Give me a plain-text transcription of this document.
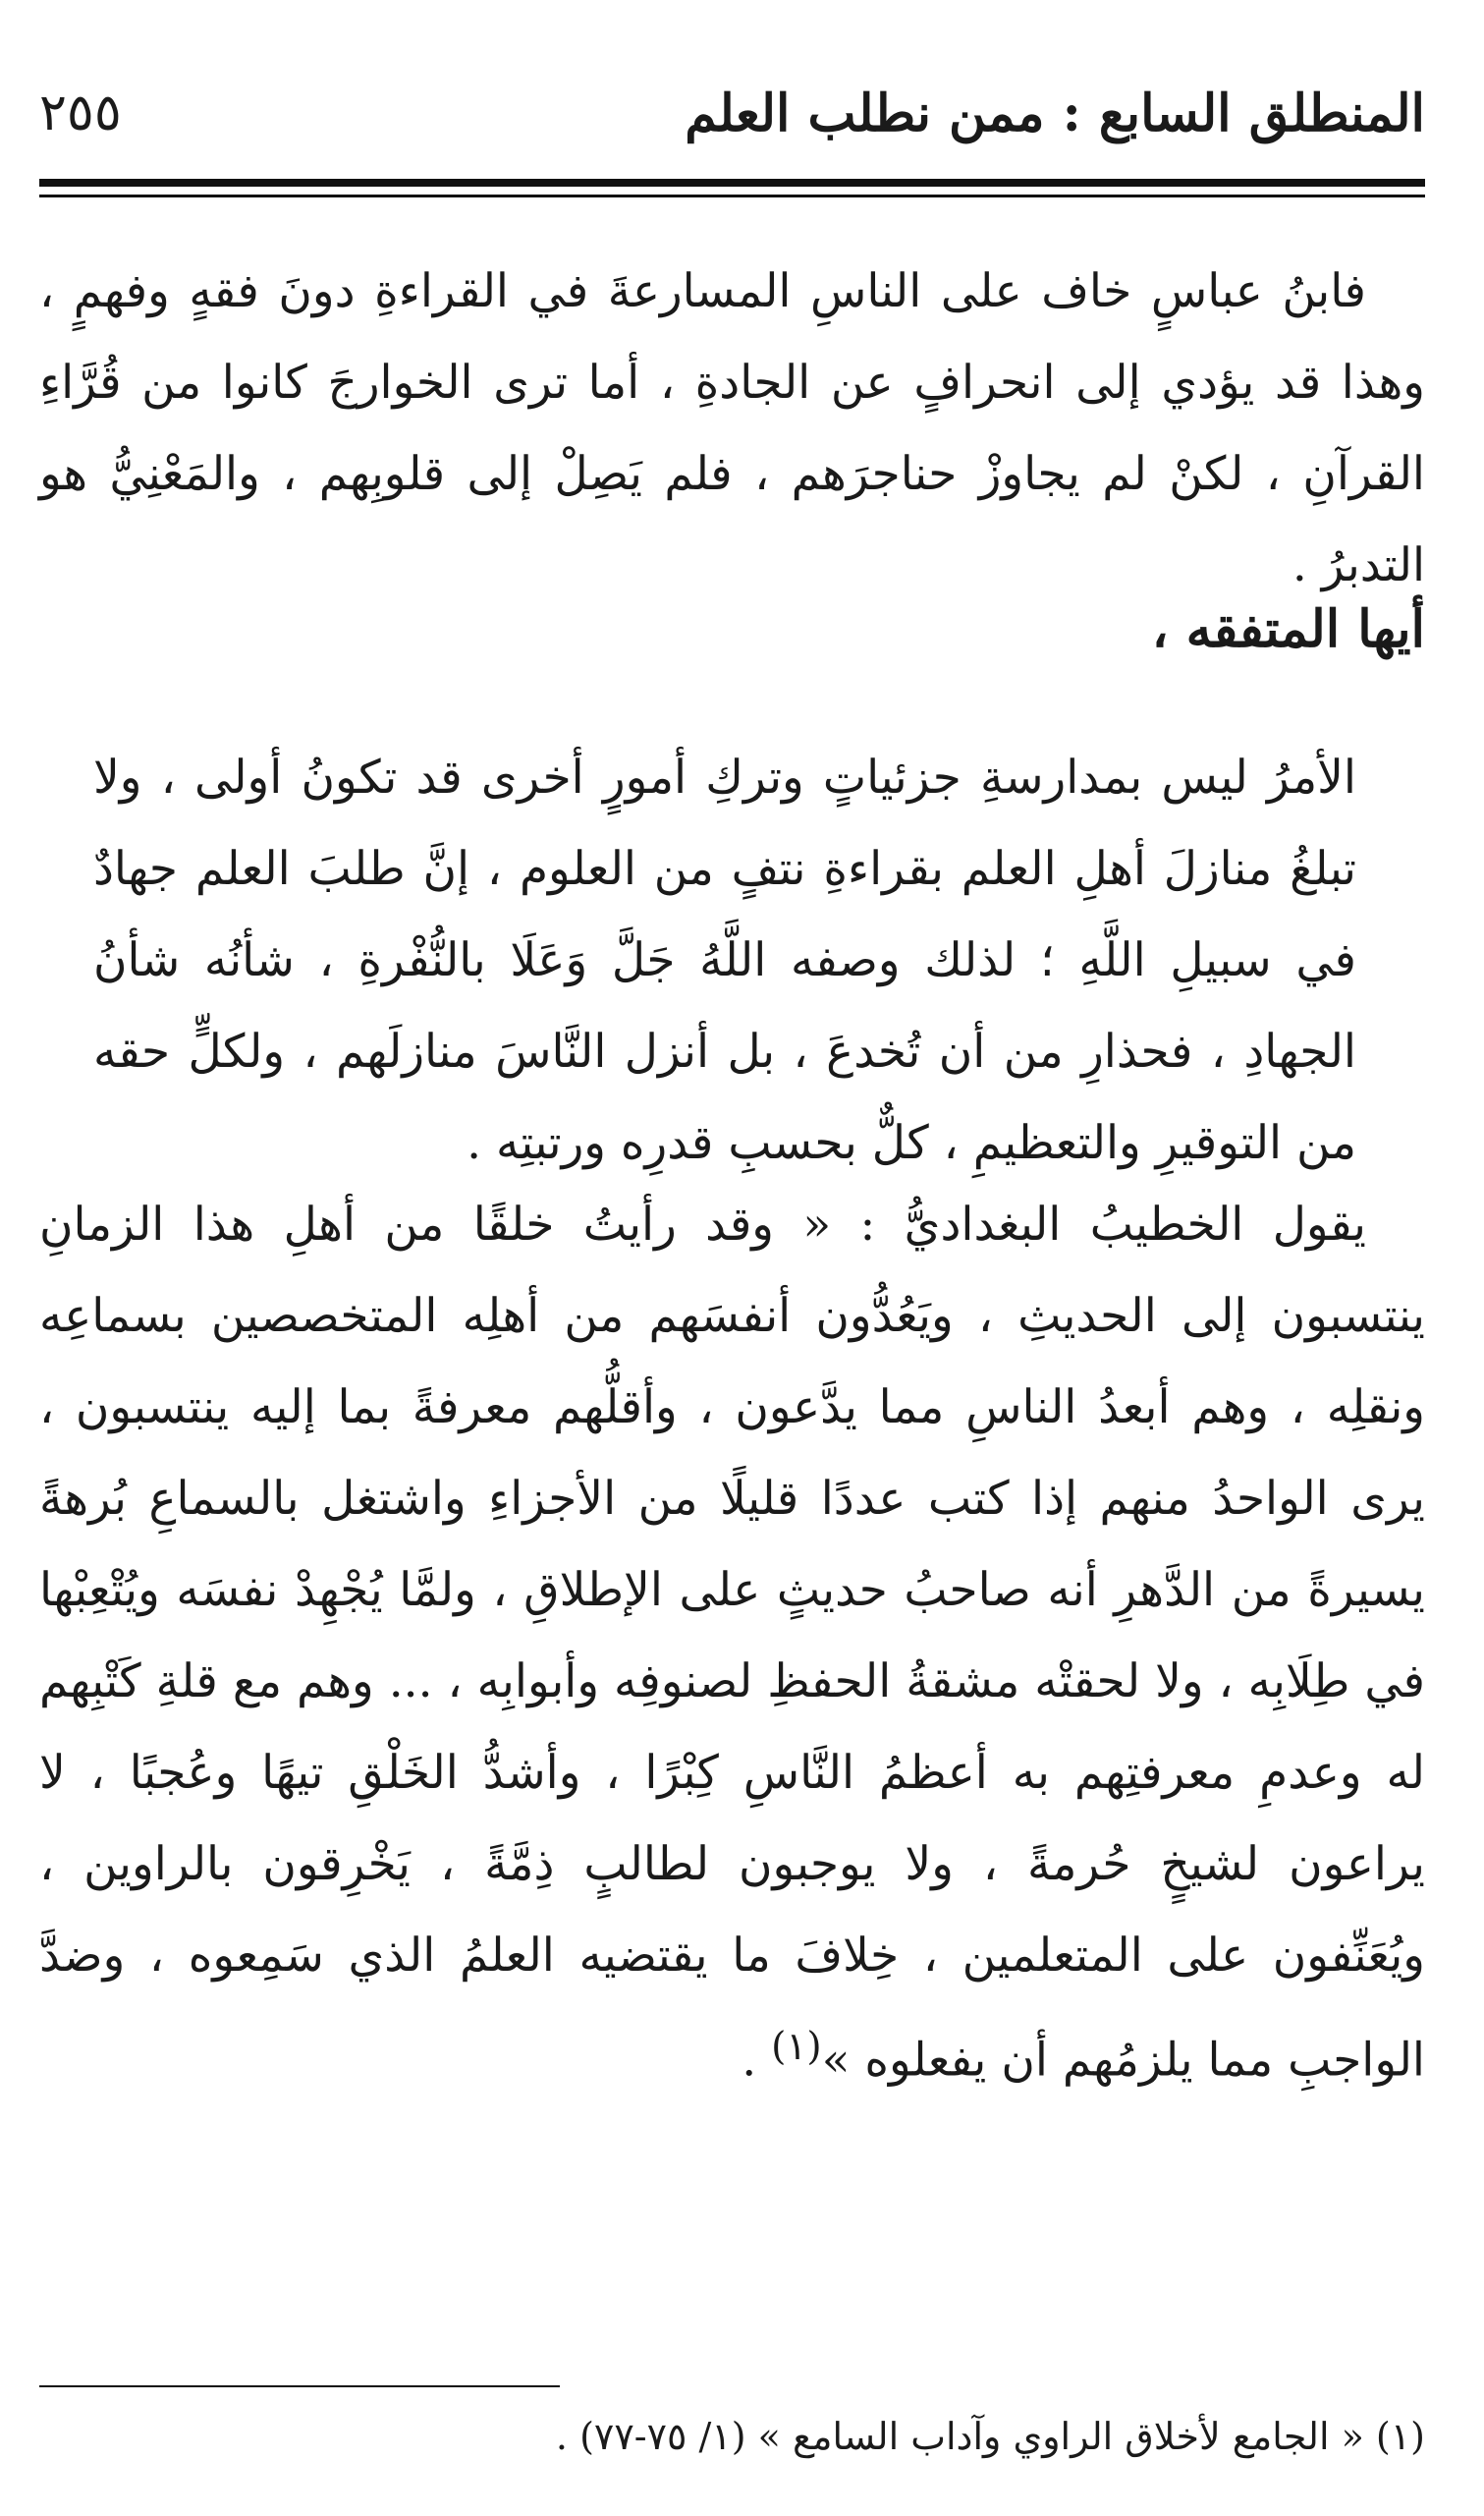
المنطلق السابع : ممن نطلب العلم
٢٥٥
فابنُ عباسٍ خاف على الناسِ المسارعةَ في القراءةِ دونَ فقهٍ وفهمٍ ، وهذا قد يؤدي إلى انحرافٍ عن الجادةِ ، أما ترى الخوارجَ كانوا من قُرَّاءِ القرآنِ ، لكنْ لم يجاوزْ حناجرَهم ، فلم يَصِلْ إلى قلوبِهم ، والمَعْنِيُّ هو التدبرُ .
أيها المتفقه ،
الأمرُ ليس بمدارسةِ جزئياتٍ وتركِ أمورٍ أخرى قد تكونُ أولى ، ولا تبلغُ منازلَ أهلِ العلم بقراءةِ نتفٍ من العلوم ، إنَّ طلبَ العلم جهادٌ في سبيلِ اللَّهِ ؛ لذلك وصفه اللَّهُ جَلَّ وَعَلَا بالنُّفْرةِ ، شأنُه شأنُ الجهادِ ، فحذارِ من أن تُخدعَ ، بل أنزل النَّاسَ منازلَهم ، ولكلٍّ حقه من التوقيرِ والتعظيمِ ، كلٌّ بحسبِ قدرِه ورتبتِه .
يقول الخطيبُ البغداديُّ : « وقد رأيتُ خلقًا من أهلِ هذا الزمانِ ينتسبون إلى الحديثِ ، ويَعُدُّون أنفسَهم من أهلِه المتخصصين بسماعِه ونقلِه ، وهم أبعدُ الناسِ مما يدَّعون ، وأقلُّهم معرفةً بما إليه ينتسبون ، يرى الواحدُ منهم إذا كتب عددًا قليلًا من الأجزاءِ واشتغل بالسماعِ بُرهةً يسيرةً من الدَّهرِ أنه صاحبُ حديثٍ على الإطلاقِ ، ولمَّا يُجْهِدْ نفسَه ويُتْعِبْها في طِلَابِه ، ولا لحقتْه مشقةُ الحفظِ لصنوفِه وأبوابِه ، ... وهم مع قلةِ كَتْبِهم له وعدمِ معرفتِهم به أعظمُ النَّاسِ كِبْرًا ، وأشدُّ الخَلْقِ تيهًا وعُجبًا ، لا يراعون لشيخٍ حُرمةً ، ولا يوجبون لطالبٍ ذِمَّةً ، يَخْرِقون بالراوين ، ويُعَنِّفون على المتعلمين ، خِلافَ ما يقتضيه العلمُ الذي سَمِعوه ، وضدَّ الواجبِ مما يلزمُهم أن يفعلوه »$^{(١)}$ .
(١) « الجامع لأخلاق الراوي وآداب السامع » (١/ ٧٥-٧٧) .
